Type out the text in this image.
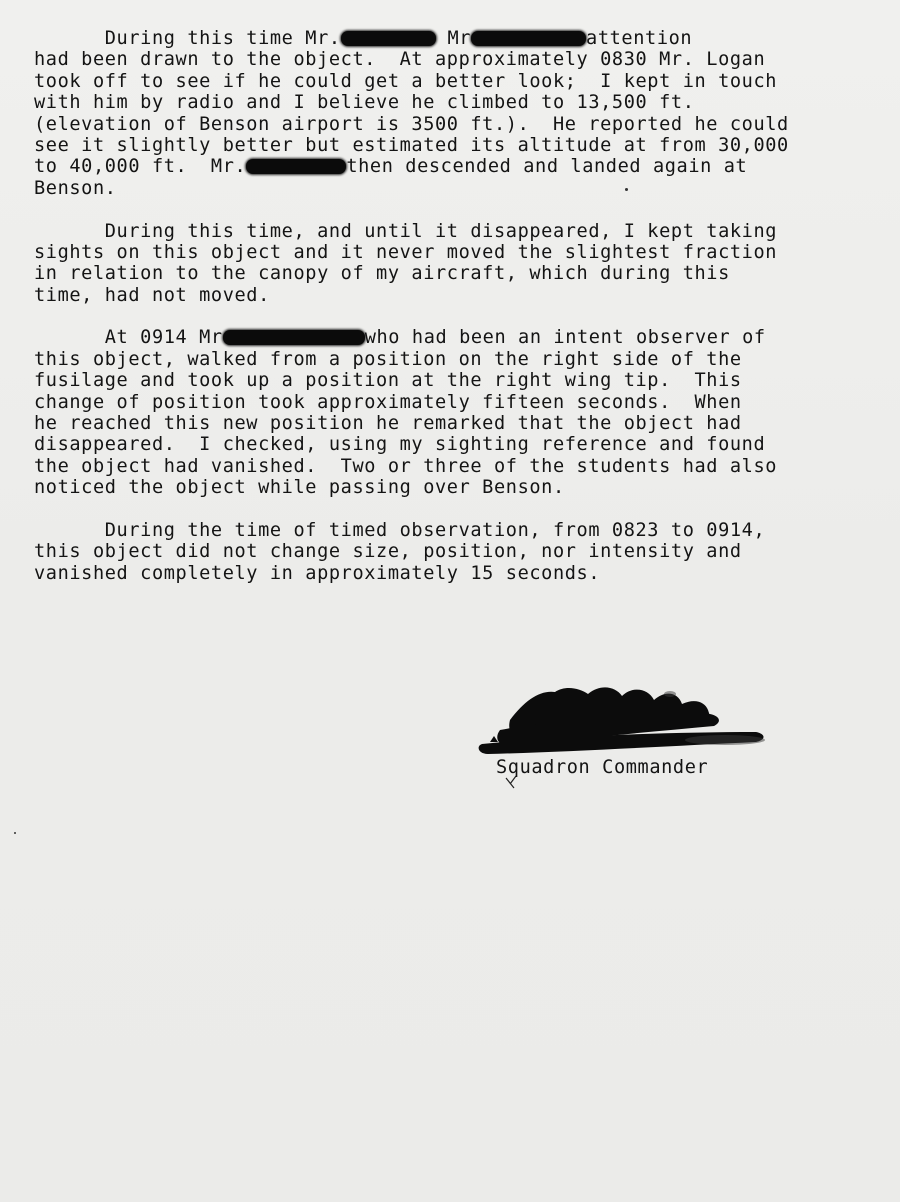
During this time Mr.	Mr	attention
had been drawn to the object.  At approximately 0830 Mr. Logan
took off to see if he could get a better look;  I kept in touch
with him by radio and I believe he climbed to 13,500 ft.
(elevation of Benson airport is 3500 ft.).  He reported he could
see it slightly better but estimated its altitude at from 30,000
to 40,000 ft.  Mr.	then descended and landed again at
Benson.
During this time, and until it disappeared, I kept taking
sights on this object and it never moved the slightest fraction
in relation to the canopy of my aircraft, which during this
time, had not moved.
At 0914 Mr	who had been an intent observer of
this object, walked from a position on the right side of the
fusilage and took up a position at the right wing tip.  This
change of position took approximately fifteen seconds.  When
he reached this new position he remarked that the object had
disappeared.  I checked, using my sighting reference and found
the object had vanished.  Two or three of the students had also
noticed the object while passing over Benson.
During the time of timed observation, from 0823 to 0914,
this object did not change size, position, nor intensity and
vanished completely in approximately 15 seconds.
Squadron Commander
